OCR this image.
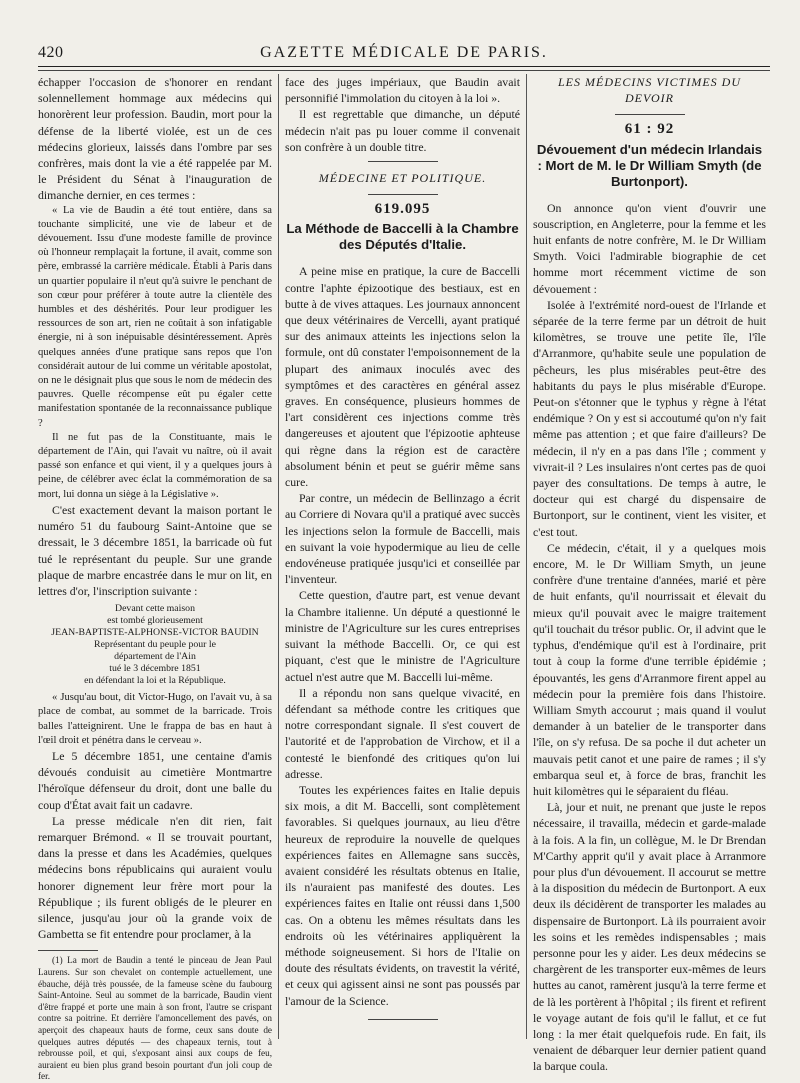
420	GAZETTE MÉDICALE DE PARIS.

échapper l'occasion de s'honorer en rendant solennellement hommage aux médecins qui honorèrent leur profession. Baudin, mort pour la défense de la liberté violée, est un de ces médecins glorieux, laissés dans l'ombre par ses confrères, mais dont la vie a été rappelée par M. le Président du Sénat à l'inauguration de dimanche dernier, en ces termes :

« La vie de Baudin a été tout entière, dans sa touchante simplicité, une vie de labeur et de dévouement. Issu d'une modeste famille de province où l'honneur remplaçait la fortune, il avait, comme son père, embrassé la carrière médicale. Établi à Paris dans un quartier populaire il n'eut qu'à suivre le penchant de son cœur pour préférer à toute autre la clientèle des humbles et des déshérités. Pour leur prodiguer les ressources de son art, rien ne coûtait à son infatigable énergie, ni à son inépuisable désintéressement. Après quelques années d'une pratique sans repos que l'on considérait autour de lui comme un véritable apostolat, on ne le désignait plus que sous le nom de médecin des pauvres. Quelle récompense eût pu égaler cette manifestation spontanée de la reconnaissance publique ?

Il ne fut pas de la Constituante, mais le département de l'Ain, qui l'avait vu naître, où il avait passé son enfance et qui vient, il y a quelques jours à peine, de célébrer avec éclat la commémoration de sa mort, lui donna un siège à la Législative ».

C'est exactement devant la maison portant le numéro 51 du faubourg Saint-Antoine que se dressait, le 3 décembre 1851, la barricade où fut tué le représentant du peuple. Sur une grande plaque de marbre encastrée dans le mur on lit, en lettres d'or, l'inscription suivante :

Devant cette maison
est tombé glorieusement
JEAN-BAPTISTE-ALPHONSE-VICTOR BAUDIN
Représentant du peuple pour le
département de l'Ain
tué le 3 décembre 1851
en défendant la loi et la République.

« Jusqu'au bout, dit Victor-Hugo, on l'avait vu, à sa place de combat, au sommet de la barricade. Trois balles l'atteignirent. Une le frappa de bas en haut à l'œil droit et pénétra dans le cerveau ».

Le 5 décembre 1851, une centaine d'amis dévoués conduisit au cimetière Montmartre l'héroïque défenseur du droit, dont une balle du coup d'État avait fait un cadavre.

La presse médicale n'en dit rien, fait remarquer Brémond. « Il se trouvait pourtant, dans la presse et dans les Académies, quelques médecins bons républicains qui auraient voulu honorer dignement leur frère mort pour la République ; ils furent obligés de le pleurer en silence, jusqu'au jour où la grande voix de Gambetta se fit entendre pour proclamer, à la

(1) La mort de Baudin a tenté le pinceau de Jean Paul Laurens. Sur son chevalet on contemple actuellement, une ébauche, déjà très poussée, de la fameuse scène du faubourg Saint-Antoine. Seul au sommet de la barricade, Baudin vient d'être frappé et porte une main à son front, l'autre se crispant contre sa poitrine. Et derrière l'amoncellement des pavés, on aperçoit des chapeaux hauts de forme, ceux sans doute de quelques autres députés — des chapeaux ternis, tout à rebrousse poil, et qui, s'exposant ainsi aux coups de feu, auraient eu bien plus grand besoin pourtant d'un joli coup de fer.

face des juges impériaux, que Baudin avait personnifié l'immolation du citoyen à la loi ».

Il est regrettable que dimanche, un député médecin n'ait pas pu louer comme il convenait son confrère à un double titre.

MÉDECINE ET POLITIQUE.
619.095
La Méthode de Baccelli à la Chambre des Députés d'Italie.

A peine mise en pratique, la cure de Baccelli contre l'aphte épizootique des bestiaux, est en butte à de vives attaques. Les journaux annoncent que deux vétérinaires de Vercelli, ayant pratiqué sur des animaux atteints les injections selon la formule, ont dû constater l'empoisonnement de la plupart des animaux inoculés avec des symptômes et des caractères en général assez graves. En conséquence, plusieurs hommes de l'art considèrent ces injections comme très dangereuses et ajoutent que l'épizootie aphteuse qui règne dans la région est de caractère absolument bénin et peut se guérir même sans cure.

Par contre, un médecin de Bellinzago a écrit au Corriere di Novara qu'il a pratiqué avec succès les injections selon la formule de Baccelli, mais en suivant la voie hypodermique au lieu de celle endovéneuse pratiquée jusqu'ici et conseillée par l'inventeur.

Cette question, d'autre part, est venue devant la Chambre italienne. Un député a questionné le ministre de l'Agriculture sur les cures entreprises suivant la méthode Baccelli. Or, ce qui est piquant, c'est que le ministre de l'Agriculture actuel n'est autre que M. Baccelli lui-même.

Il a répondu non sans quelque vivacité, en défendant sa méthode contre les critiques que notre correspondant signale. Il s'est couvert de l'autorité et de l'approbation de Virchow, et il a contesté le bienfondé des critiques qu'on lui adresse.

Toutes les expériences faites en Italie depuis six mois, a dit M. Baccelli, sont complètement favorables. Si quelques journaux, au lieu d'être heureux de reproduire la nouvelle de quelques expériences faites en Allemagne sans succès, avaient considéré les résultats obtenus en Italie, ils n'auraient pas manifesté des doutes. Les expériences faites en Italie ont réussi dans 1,500 cas. On a obtenu les mêmes résultats dans les endroits où les vétérinaires appliquèrent la méthode soigneusement. Si hors de l'Italie on doute des résultats évidents, on travestit la vérité, et ceux qui agissent ainsi ne sont pas poussés par l'amour de la Science.

LES MÉDECINS VICTIMES DU DEVOIR
61 : 92
Dévouement d'un médecin Irlandais : Mort de M. le Dr William Smyth (de Burtonport).

On annonce qu'on vient d'ouvrir une souscription, en Angleterre, pour la femme et les huit enfants de notre confrère, M. le Dr William Smyth. Voici l'admirable biographie de cet homme mort récemment victime de son dévouement :

Isolée à l'extrémité nord-ouest de l'Irlande et séparée de la terre ferme par un détroit de huit kilomètres, se trouve une petite île, l'île d'Arranmore, qu'habite seule une population de pêcheurs, les plus misérables peut-être des habitants du pays le plus misérable d'Europe. Peut-on s'étonner que le typhus y règne à l'état endémique ? On y est si accoutumé qu'on n'y fait même pas attention ; et que faire d'ailleurs? De médecin, il n'y en a pas dans l'île ; comment y vivrait-il ? Les insulaires n'ont certes pas de quoi payer des consultations. De temps à autre, le docteur qui est chargé du dispensaire de Burtonport, sur le continent, vient les visiter, et c'est tout.

Ce médecin, c'était, il y a quelques mois encore, M. le Dr William Smyth, un jeune confrère d'une trentaine d'années, marié et père de huit enfants, qu'il nourrissait et élevait du mieux qu'il pouvait avec le maigre traitement qu'il touchait du trésor public. Or, il advint que le typhus, d'endémique qu'il est à l'ordinaire, prit tout à coup la forme d'une terrible épidémie ; épouvantés, les gens d'Arranmore firent appel au médecin pour la première fois dans l'histoire. William Smyth accourut ; mais quand il voulut demander à un batelier de le transporter dans l'île, on s'y refusa. De sa poche il dut acheter un mauvais petit canot et une paire de rames ; il s'y embarqua seul et, à force de bras, franchit les huit kilomètres qui le séparaient du fléau.

Là, jour et nuit, ne prenant que juste le repos nécessaire, il travailla, médecin et garde-malade à la fois. A la fin, un collègue, M. le Dr Brendan M'Carthy apprit qu'il y avait place à Arranmore pour plus d'un dévouement. Il accourut se mettre à la disposition du médecin de Burtonport. A eux deux ils décidèrent de transporter les malades au dispensaire de Burtonport. Là ils pourraient avoir les soins et les remèdes indispensables ; mais personne pour les y aider. Les deux médecins se chargèrent de les transporter eux-mêmes de leurs huttes au canot, ramèrent jusqu'à la terre ferme et de là les portèrent à l'hôpital ; ils firent et refirent le voyage autant de fois qu'il le fallut, et ce fut long : la mer était quelquefois rude. En fait, ils venaient de débarquer leur dernier patient quand la barque coula.
